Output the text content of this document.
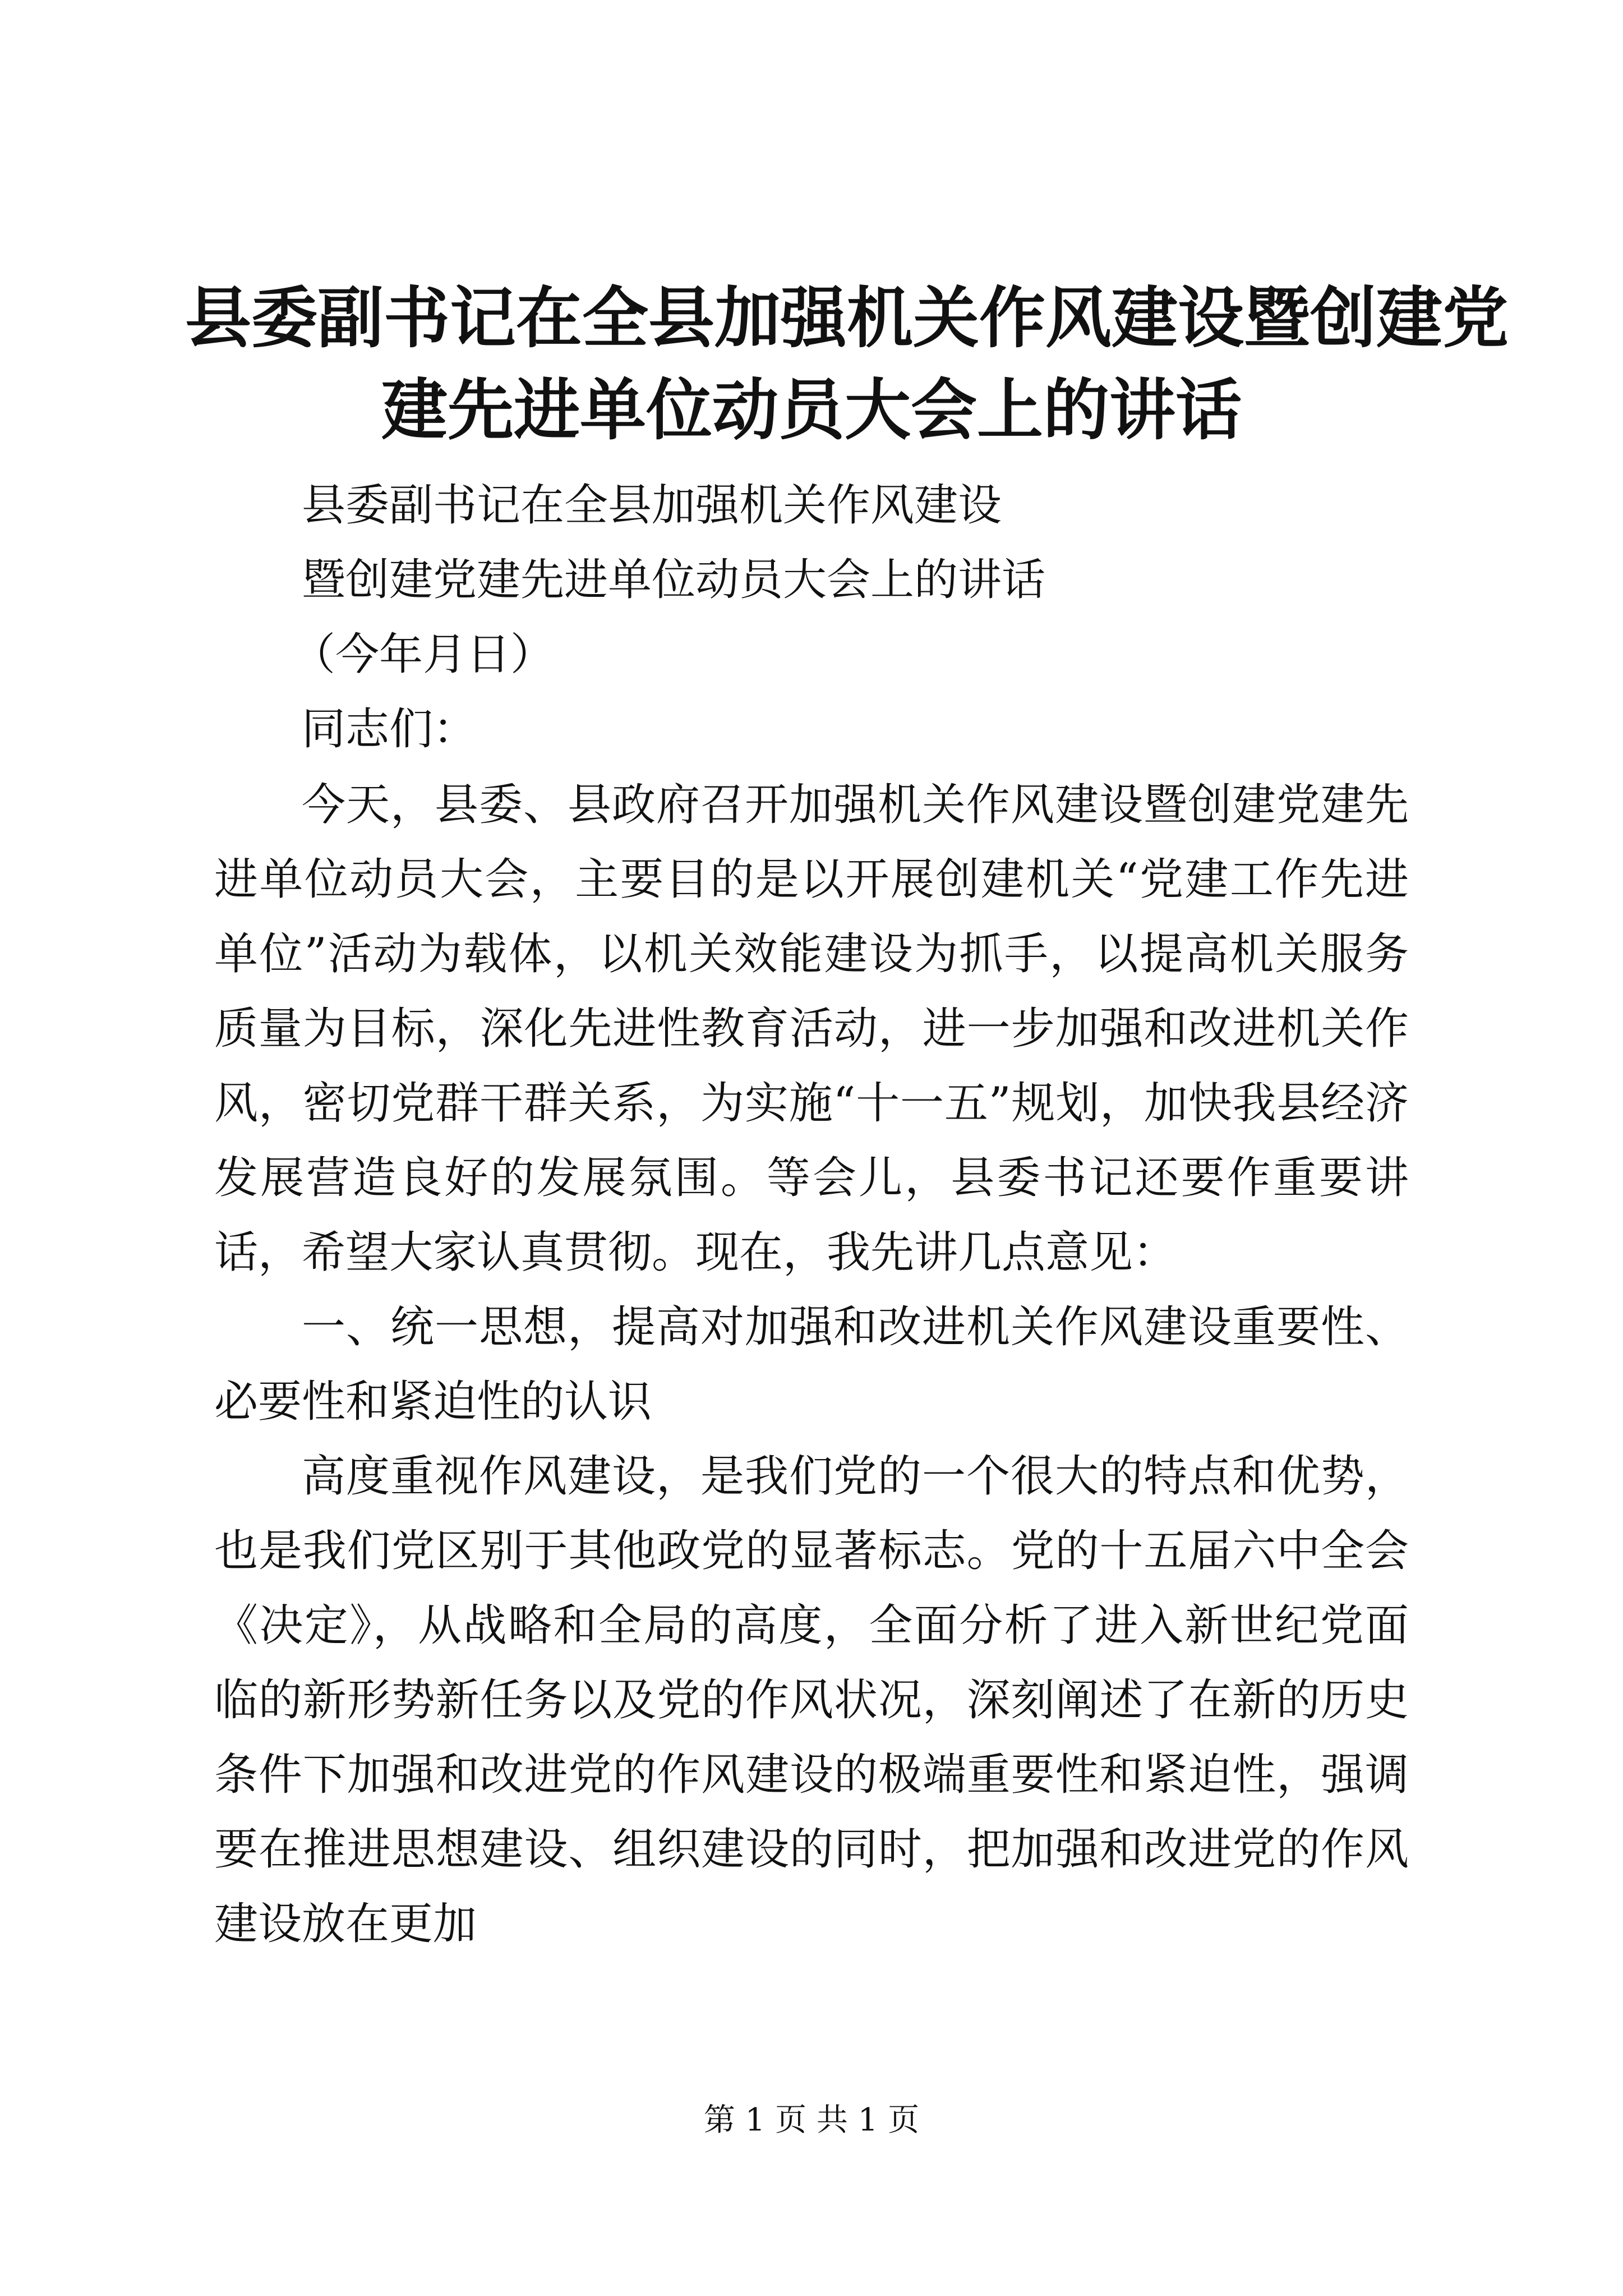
县委副书记在全县加强机关作风建设暨创建党
建先进单位动员大会上的讲话
县委副书记在全县加强机关作风建设
暨创建党建先进单位动员大会上的讲话
（今年月日）
同志们：

今天，县委、县政府召开加强机关作风建设暨创建党建先进单位动员大会，主要目的是以开展创建机关“党建工作先进单位”活动为载体，以机关效能建设为抓手，以提高机关服务质量为目标，深化先进性教育活动，进一步加强和改进机关作风，密切党群干群关系，为实施“十一五”规划，加快我县经济发展营造良好的发展氛围。等会儿，县委书记还要作重要讲话，希望大家认真贯彻。现在，我先讲几点意见：

一、统一思想，提高对加强和改进机关作风建设重要性、必要性和紧迫性的认识

高度重视作风建设，是我们党的一个很大的特点和优势，也是我们党区别于其他政党的显著标志。党的十五届六中全会《决定》，从战略和全局的高度，全面分析了进入新世纪党面临的新形势新任务以及党的作风状况，深刻阐述了在新的历史条件下加强和改进党的作风建设的极端重要性和紧迫性，强调要在推进思想建设、组织建设的同时，把加强和改进党的作风建设放在更加

第 1 页 共 1 页
